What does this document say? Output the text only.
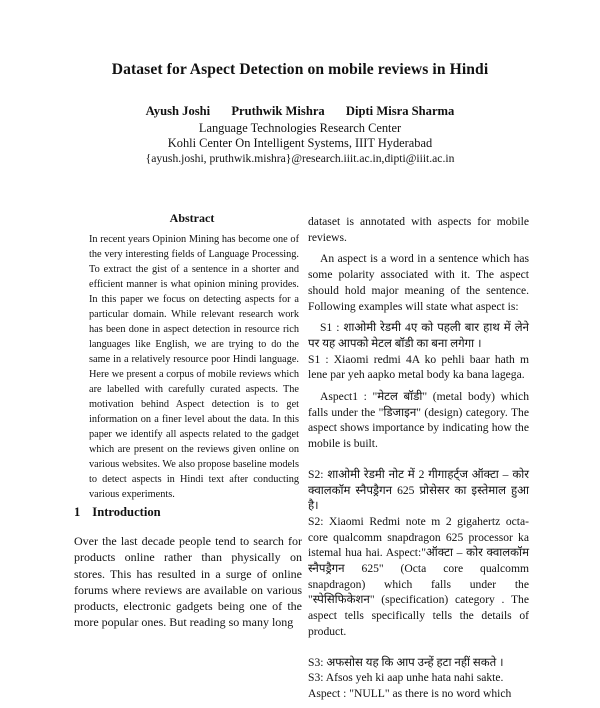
Dataset for Aspect Detection on mobile reviews in Hindi
Ayush Joshi Pruthwik Mishra Dipti Misra Sharma
Language Technologies Research Center
Kohli Center On Intelligent Systems, IIIT Hyderabad
{ayush.joshi, pruthwik.mishra}@research.iiit.ac.in,dipti@iiit.ac.in
Abstract

In recent years Opinion Mining has become one of the very interesting fields of Language Processing. To extract the gist of a sentence in a shorter and efficient manner is what opinion mining provides. In this paper we focus on detecting aspects for a particular domain. While relevant research work has been done in aspect detection in resource rich languages like English, we are trying to do the same in a relatively resource poor Hindi language. Here we present a corpus of mobile reviews which are labelled with carefully curated aspects. The motivation behind Aspect detection is to get information on a finer level about the data. In this paper we identify all aspects related to the gadget which are present on the reviews given online on various websites. We also propose baseline models to detect aspects in Hindi text after conducting various experiments.

1 Introduction
Over the last decade people tend to search for products online rather than physically on stores. This has resulted in a surge of online forums where reviews are available on various products, electronic gadgets being one of the more popular ones. But reading so many long

dataset is annotated with aspects for mobile reviews.

An aspect is a word in a sentence which has some polarity associated with it. The aspect should hold major meaning of the sentence. Following examples will state what aspect is:

S1 : शाओमी रेडमी 4ए को पहली बार हाथ में लेने पर यह आपको मेटल बॉडी का बना लगेगा ।

S1 : Xiaomi redmi 4A ko pehli baar hath m lene par yeh aapko metal body ka bana lagega.

Aspect1 : "मेटल बॉडी" (metal body) which falls under the "डिजाइन" (design) category. The aspect shows importance by indicating how the mobile is built.

S2: शाओमी रेडमी नोट में 2 गीगाहर्ट्ज ऑक्टा – कोर क्वालकॉम स्नैपड्रैगन 625 प्रोसेसर का इस्तेमाल हुआ है।

S2: Xiaomi Redmi note m 2 gigahertz octa-core qualcomm snapdragon 625 processor ka istemal hua hai. Aspect:"ऑक्टा – कोर क्वालकॉम स्नैपड्रैगन 625" (Octa core qualcomm snapdragon) which falls under the "स्पेसिफिकेशन" (specification) category . The aspect tells specifically tells the details of product.

S3: अफसोस यह कि आप उन्हें हटा नहीं सकते ।

S3: Afsos yeh ki aap unhe hata nahi sakte.

Aspect : "NULL" as there is no word which
